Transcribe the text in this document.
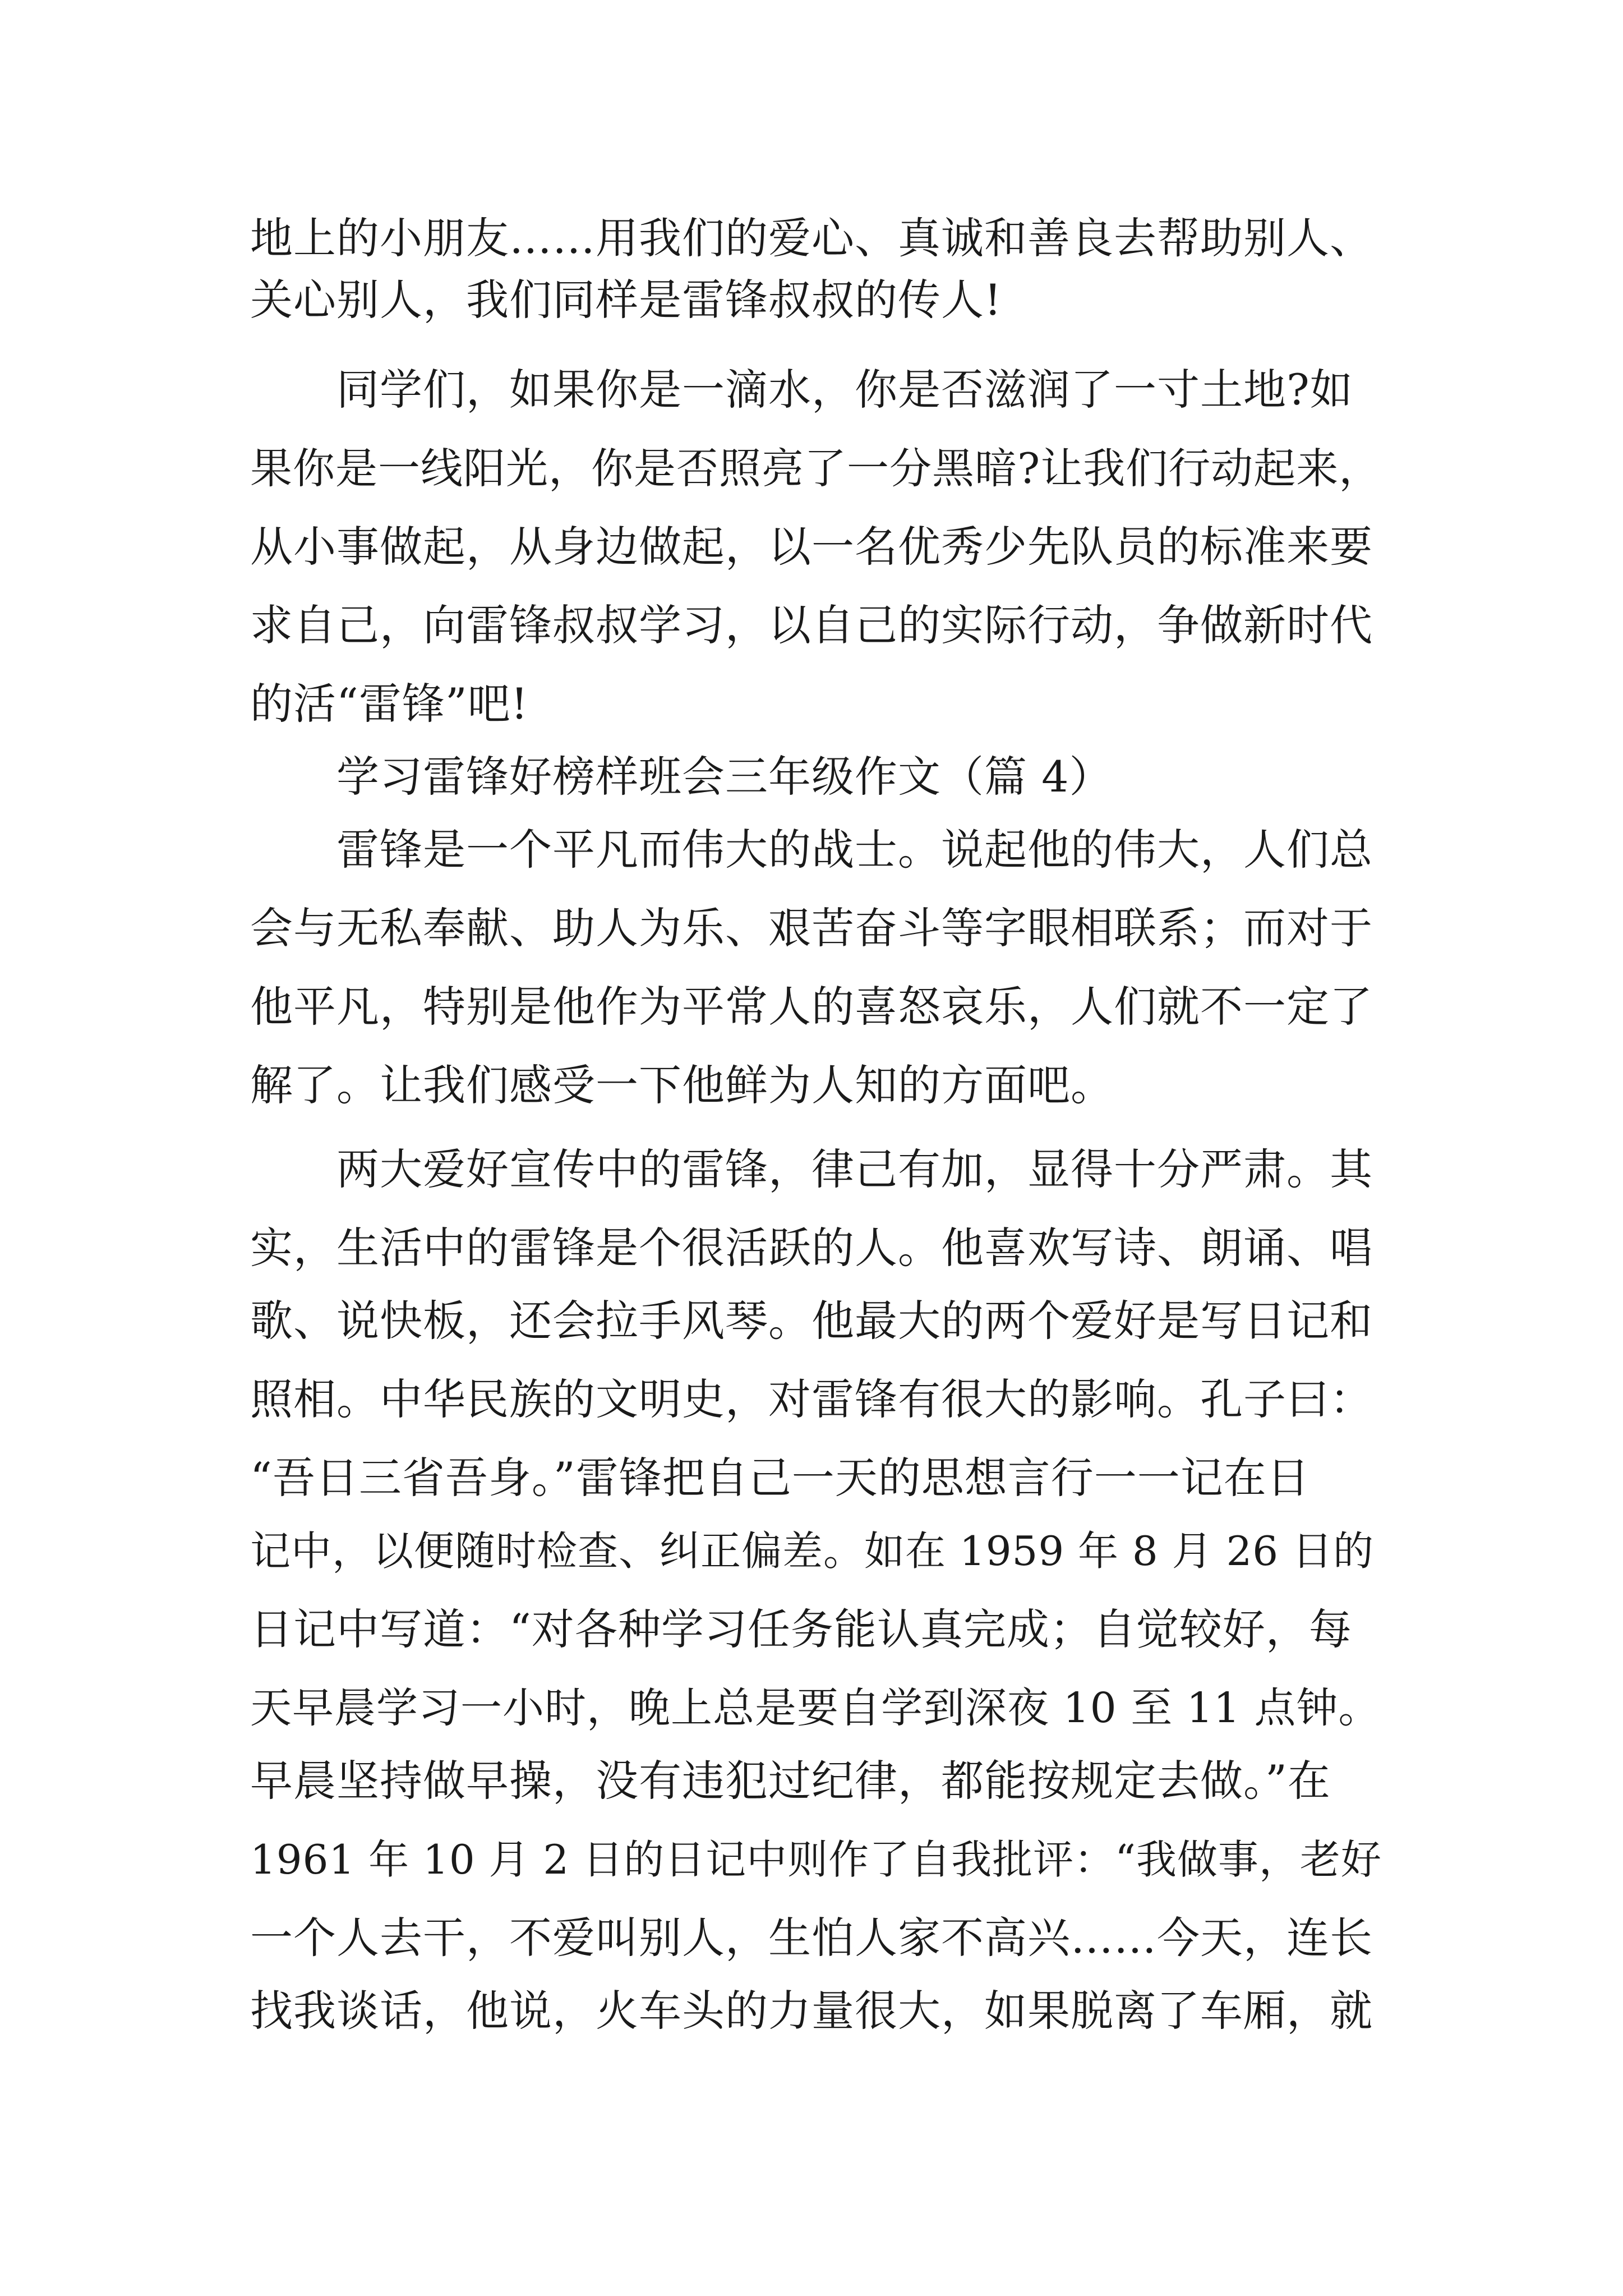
地上的小朋友……用我们的爱心、真诚和善良去帮助别人、
关心别人，我们同样是雷锋叔叔的传人!
同学们，如果你是一滴水，你是否滋润了一寸土地?如
果你是一线阳光，你是否照亮了一分黑暗?让我们行动起来，
从小事做起，从身边做起，以一名优秀少先队员的标准来要
求自己，向雷锋叔叔学习，以自己的实际行动，争做新时代
的活“雷锋”吧!
学习雷锋好榜样班会三年级作文（篇 4）
雷锋是一个平凡而伟大的战士。说起他的伟大，人们总
会与无私奉献、助人为乐、艰苦奋斗等字眼相联系；而对于
他平凡，特别是他作为平常人的喜怒哀乐，人们就不一定了
解了。让我们感受一下他鲜为人知的方面吧。
两大爱好宣传中的雷锋，律己有加，显得十分严肃。其
实，生活中的雷锋是个很活跃的人。他喜欢写诗、朗诵、唱
歌、说快板，还会拉手风琴。他最大的两个爱好是写日记和
照相。中华民族的文明史，对雷锋有很大的影响。孔子曰：
“吾日三省吾身。”雷锋把自己一天的思想言行一一记在日
记中，以便随时检查、纠正偏差。如在 1959 年 8 月 26 日的
日记中写道：“对各种学习任务能认真完成；自觉较好，每
天早晨学习一小时，晚上总是要自学到深夜 10 至 11 点钟。
早晨坚持做早操，没有违犯过纪律，都能按规定去做。”在
1961 年 10 月 2 日的日记中则作了自我批评：“我做事，老好
一个人去干，不爱叫别人，生怕人家不高兴……今天，连长
找我谈话，他说，火车头的力量很大，如果脱离了车厢，就
